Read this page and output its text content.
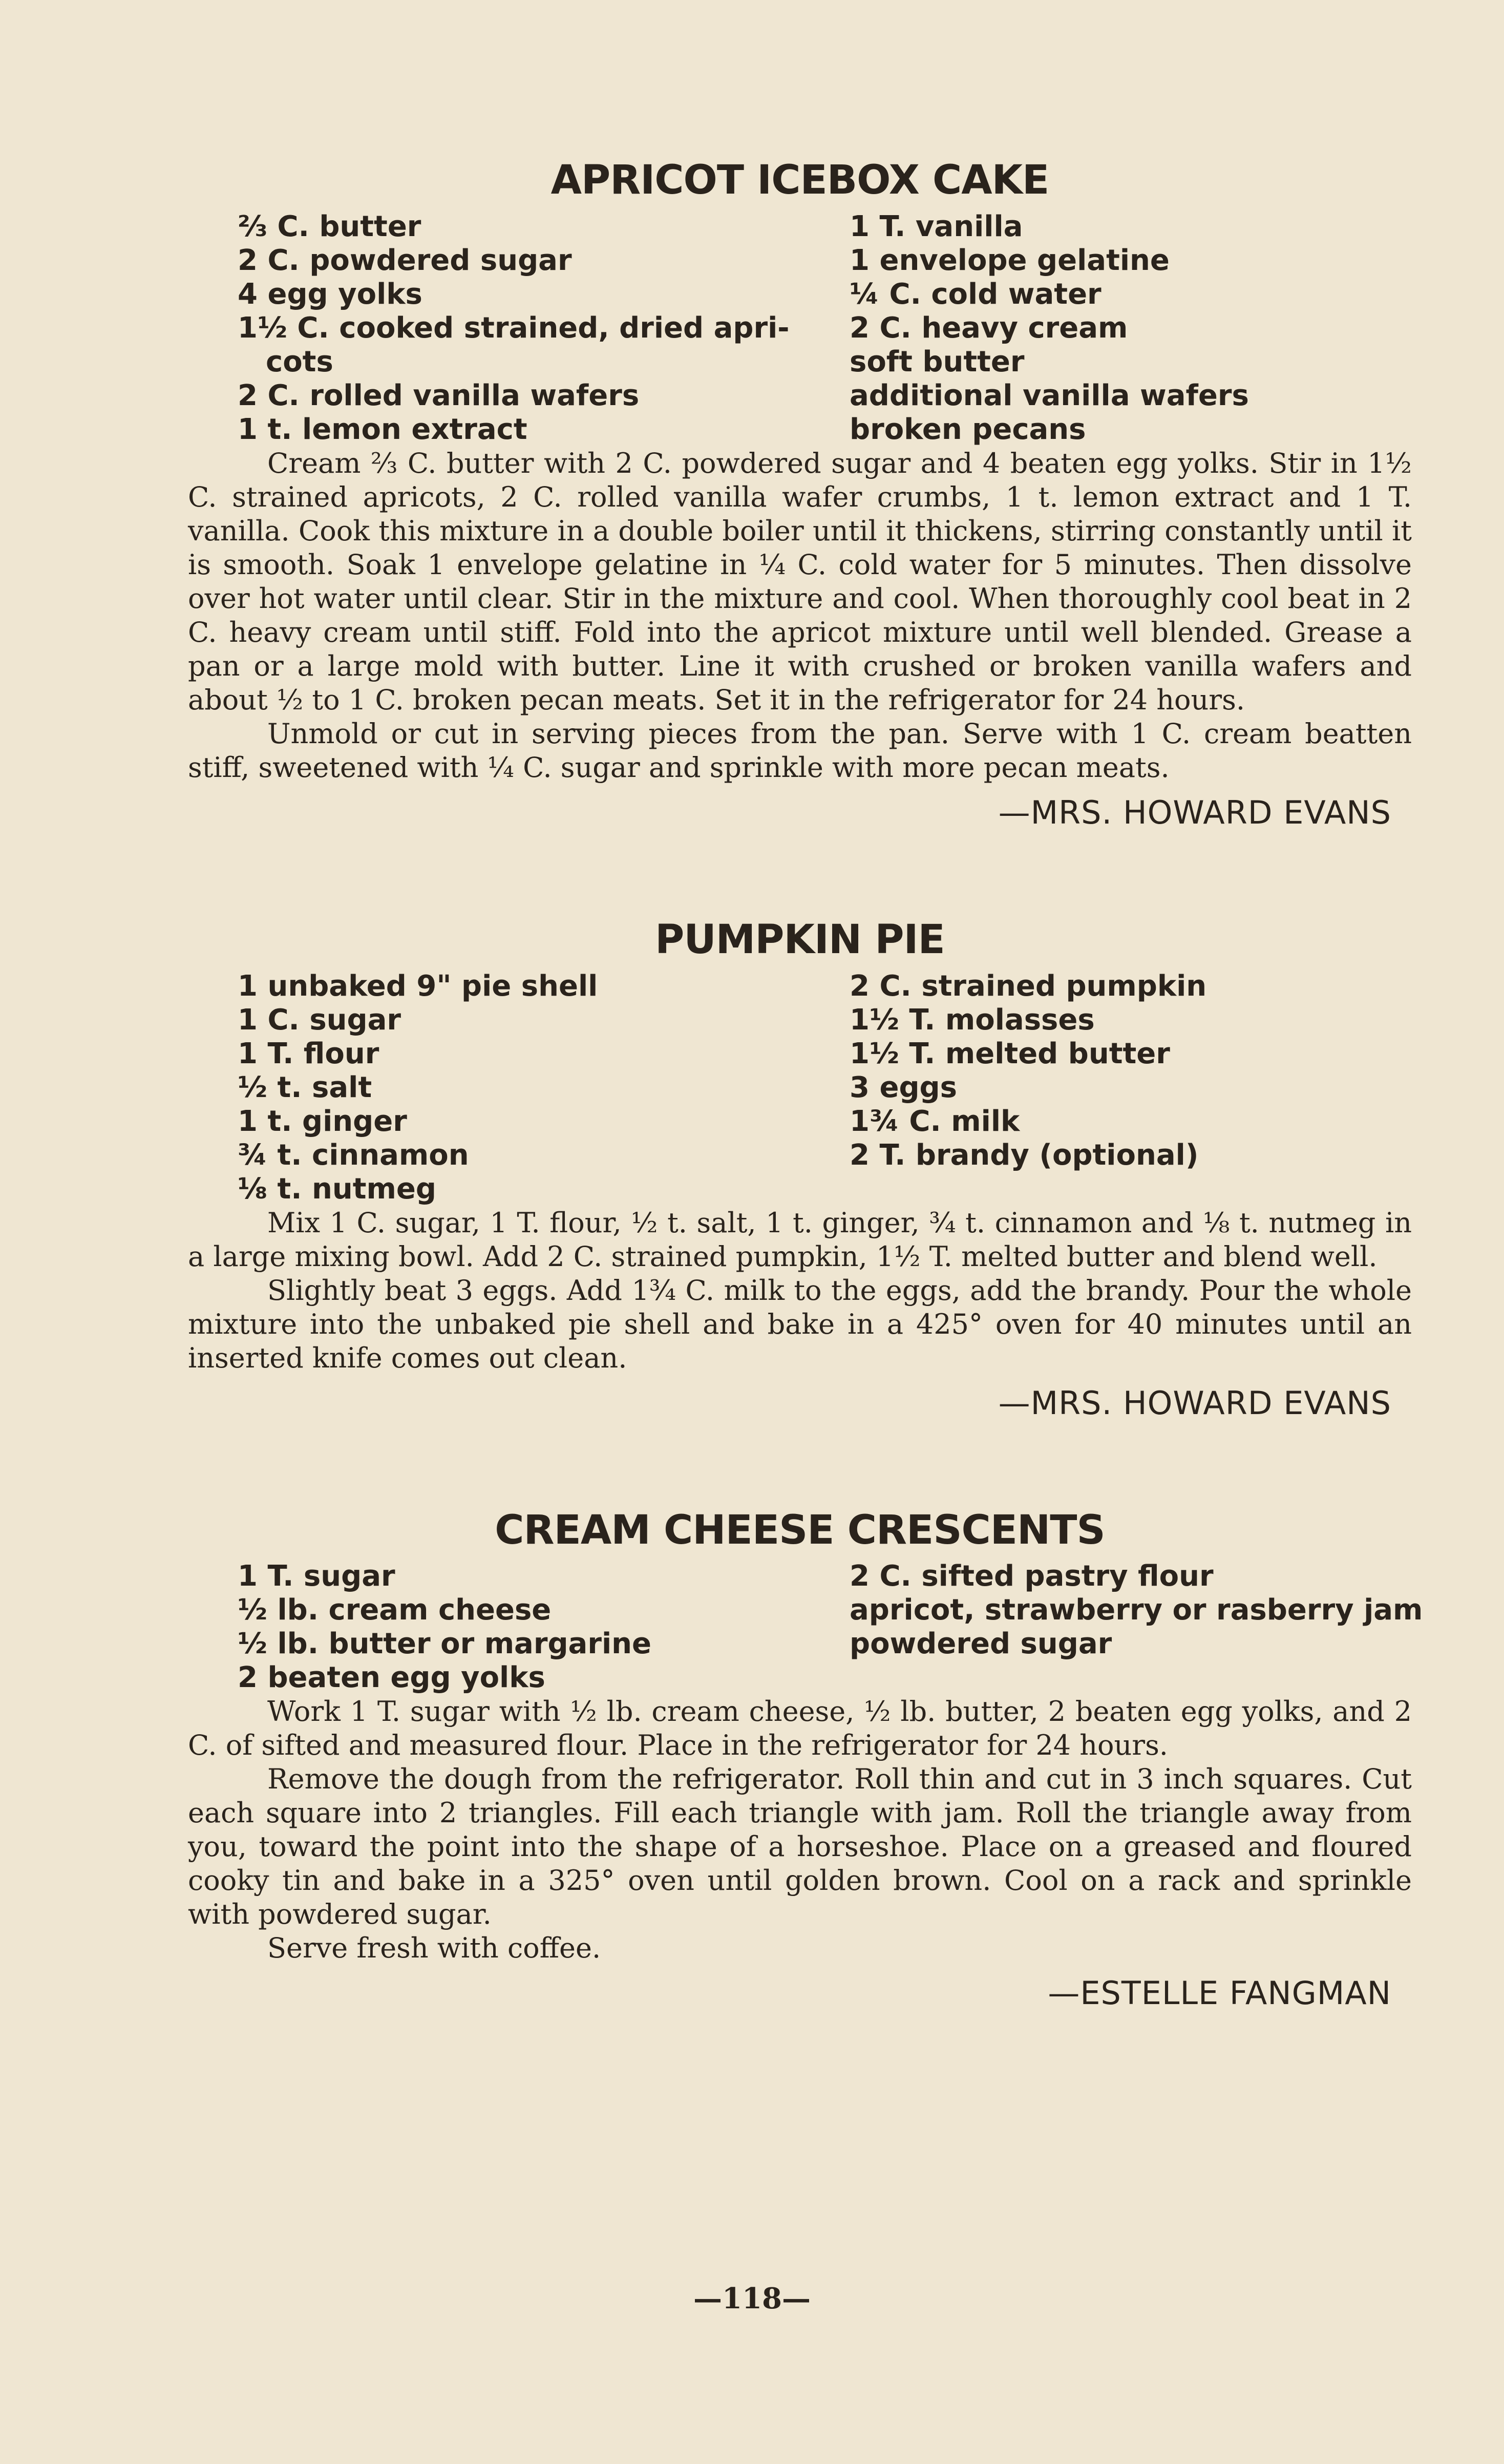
APRICOT ICEBOX CAKE
⅔ C. butter
2 C. powdered sugar
4 egg yolks
1½ C. cooked strained, dried apri-
cots
2 C. rolled vanilla wafers
1 t. lemon extract
1 T. vanilla
1 envelope gelatine
¼ C. cold water
2 C. heavy cream
soft butter
additional vanilla wafers
broken pecans

Cream ⅔ C. butter with 2 C. powdered sugar and 4 beaten egg yolks. Stir in 1½ C. strained apricots, 2 C. rolled vanilla wafer crumbs, 1 t. lemon extract and 1 T. vanilla. Cook this mixture in a double boiler until it thickens, stirring constantly until it is smooth. Soak 1 envelope gelatine in ¼ C. cold water for 5 minutes. Then dissolve over hot water until clear. Stir in the mixture and cool. When thoroughly cool beat in 2 C. heavy cream until stiff. Fold into the apricot mixture until well blended. Grease a pan or a large mold with butter. Line it with crushed or broken vanilla wafers and about ½ to 1 C. broken pecan meats. Set it in the refrigerator for 24 hours.

Unmold or cut in serving pieces from the pan. Serve with 1 C. cream beatten stiff, sweetened with ¼ C. sugar and sprinkle with more pecan meats.

—MRS. HOWARD EVANS
PUMPKIN PIE
1 unbaked 9" pie shell
1 C. sugar
1 T. flour
½ t. salt
1 t. ginger
¾ t. cinnamon
⅛ t. nutmeg
2 C. strained pumpkin
1½ T. molasses
1½ T. melted butter
3 eggs
1¾ C. milk
2 T. brandy (optional)

Mix 1 C. sugar, 1 T. flour, ½ t. salt, 1 t. ginger, ¾ t. cinnamon and ⅛ t. nutmeg in a large mixing bowl. Add 2 C. strained pumpkin, 1½ T. melted butter and blend well.

Slightly beat 3 eggs. Add 1¾ C. milk to the eggs, add the brandy. Pour the whole mixture into the unbaked pie shell and bake in a 425° oven for 40 minutes until an inserted knife comes out clean.

—MRS. HOWARD EVANS
CREAM CHEESE CRESCENTS
1 T. sugar
½ lb. cream cheese
½ lb. butter or margarine
2 beaten egg yolks
2 C. sifted pastry flour
apricot, strawberry or rasberry jam
powdered sugar

Work 1 T. sugar with ½ lb. cream cheese, ½ lb. butter, 2 beaten egg yolks, and 2 C. of sifted and measured flour. Place in the refrigerator for 24 hours.

Remove the dough from the refrigerator. Roll thin and cut in 3 inch squares. Cut each square into 2 triangles. Fill each triangle with jam. Roll the triangle away from you, toward the point into the shape of a horseshoe. Place on a greased and floured cooky tin and bake in a 325° oven until golden brown. Cool on a rack and sprinkle with powdered sugar.

Serve fresh with coffee.

—ESTELLE FANGMAN
—118—
